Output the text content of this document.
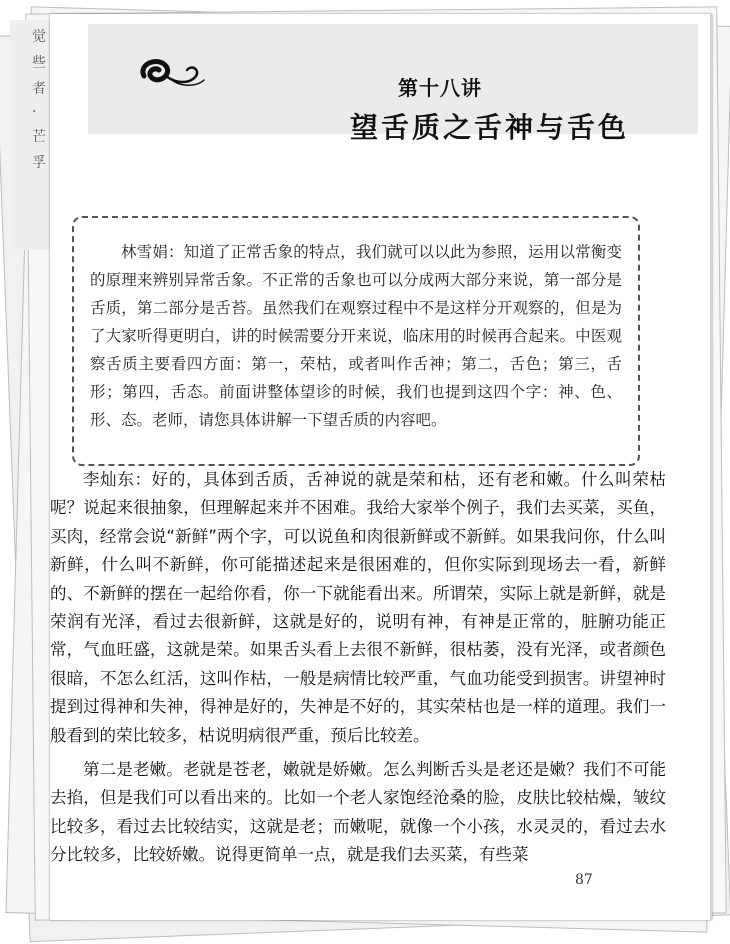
觉
些
者
·
芒
孚
第十八讲
望舌质之舌神与舌色

林雪娟：知道了正常舌象的特点，我们就可以以此为参照，运用以常衡变的原理来辨别异常舌象。不正常的舌象也可以分成两大部分来说，第一部分是舌质，第二部分是舌苔。虽然我们在观察过程中不是这样分开观察的，但是为了大家听得更明白，讲的时候需要分开来说，临床用的时候再合起来。中医观察舌质主要看四方面：第一，荣枯，或者叫作舌神；第二，舌色；第三，舌形；第四，舌态。前面讲整体望诊的时候，我们也提到这四个字：神、色、形、态。老师，请您具体讲解一下望舌质的内容吧。

李灿东：好的，具体到舌质，舌神说的就是荣和枯，还有老和嫩。什么叫荣枯呢？说起来很抽象，但理解起来并不困难。我给大家举个例子，我们去买菜，买鱼，买肉，经常会说“新鲜”两个字，可以说鱼和肉很新鲜或不新鲜。如果我问你，什么叫新鲜，什么叫不新鲜，你可能描述起来是很困难的，但你实际到现场去一看，新鲜的、不新鲜的摆在一起给你看，你一下就能看出来。所谓荣，实际上就是新鲜，就是荣润有光泽，看过去很新鲜，这就是好的，说明有神，有神是正常的，脏腑功能正常，气血旺盛，这就是荣。如果舌头看上去很不新鲜，很枯萎，没有光泽，或者颜色很暗，不怎么红活，这叫作枯，一般是病情比较严重，气血功能受到损害。讲望神时提到过得神和失神，得神是好的，失神是不好的，其实荣枯也是一样的道理。我们一般看到的荣比较多，枯说明病很严重，预后比较差。

第二是老嫩。老就是苍老，嫩就是娇嫩。怎么判断舌头是老还是嫩？我们不可能去掐，但是我们可以看出来的。比如一个老人家饱经沧桑的脸，皮肤比较枯燥，皱纹比较多，看过去比较结实，这就是老；而嫩呢，就像一个小孩，水灵灵的，看过去水分比较多，比较娇嫩。说得更简单一点，就是我们去买菜，有些菜

87
